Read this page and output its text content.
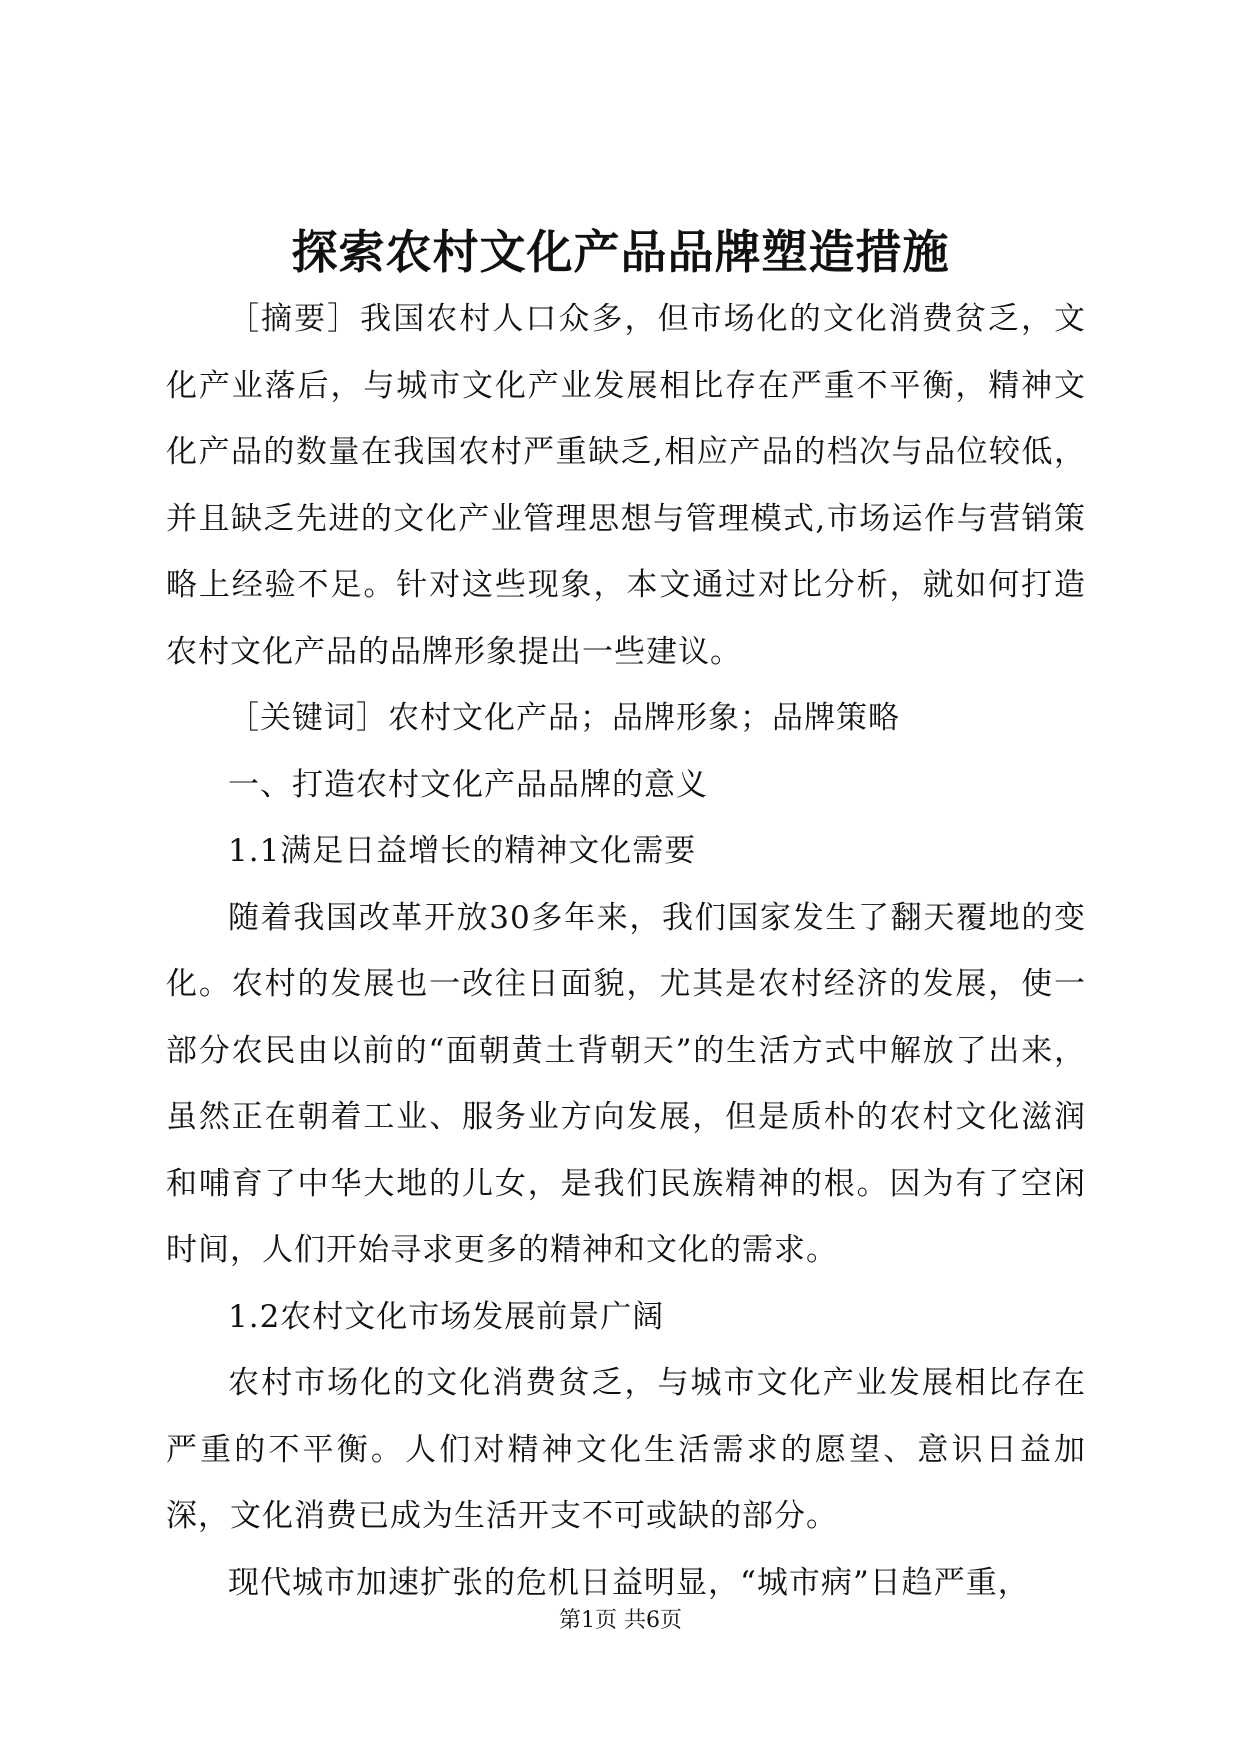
探索农村文化产品品牌塑造措施

［摘要］我国农村人口众多，但市场化的文化消费贫乏，文化产业落后，与城市文化产业发展相比存在严重不平衡，精神文化产品的数量在我国农村严重缺乏,相应产品的档次与品位较低，并且缺乏先进的文化产业管理思想与管理模式,市场运作与营销策略上经验不足。针对这些现象，本文通过对比分析，就如何打造农村文化产品的品牌形象提出一些建议。

［关键词］农村文化产品；品牌形象；品牌策略

一、打造农村文化产品品牌的意义

1.1满足日益增长的精神文化需要

随着我国改革开放30多年来，我们国家发生了翻天覆地的变化。农村的发展也一改往日面貌，尤其是农村经济的发展，使一部分农民由以前的“面朝黄土背朝天”的生活方式中解放了出来，虽然正在朝着工业、服务业方向发展，但是质朴的农村文化滋润和哺育了中华大地的儿女，是我们民族精神的根。因为有了空闲时间，人们开始寻求更多的精神和文化的需求。

1.2农村文化市场发展前景广阔

农村市场化的文化消费贫乏，与城市文化产业发展相比存在严重的不平衡。人们对精神文化生活需求的愿望、意识日益加深，文化消费已成为生活开支不可或缺的部分。

现代城市加速扩张的危机日益明显，“城市病”日趋严重，

第1页 共6页
